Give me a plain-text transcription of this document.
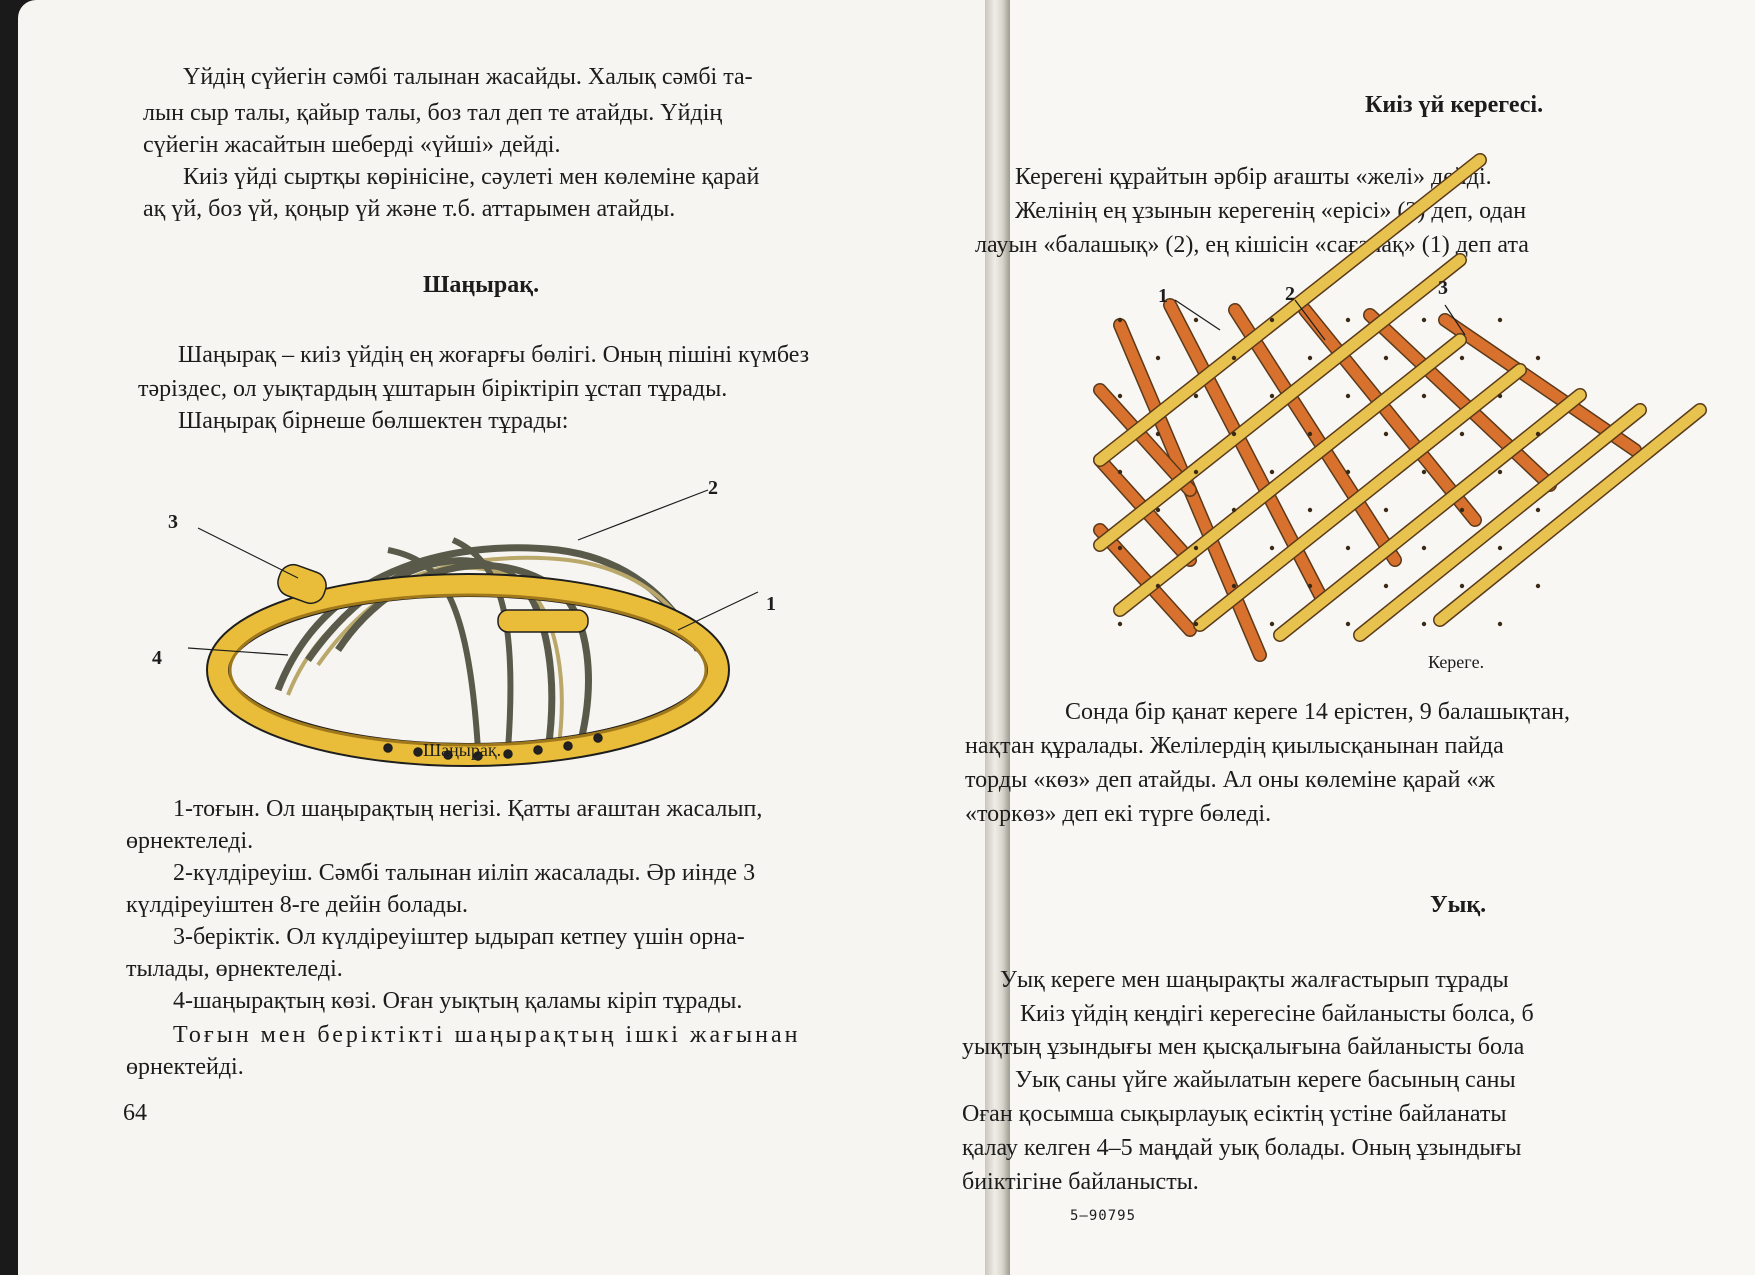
Үйдің сүйегін сәмбі талынан жасайды. Халық сәмбі та-

лын сыр талы, қайыр талы, боз тал деп те атайды. Үйдің

сүйегін жасайтын шеберді «үйші» дейді.

Киіз үйді сыртқы көрінісіне, сәулеті мен көлеміне қарай

ақ үй, боз үй, қоңыр үй және т.б. аттарымен атайды.

Шаңырақ.

Шаңырақ – киіз үйдің ең жоғарғы бөлігі. Оның пішіні күмбез

тәріздес, ол уықтардың ұштарын біріктіріп ұстап тұрады.

Шаңырақ бірнеше бөлшектен тұрады:

3
2
1
4
Шаңырақ.

1-тоғын. Ол шаңырақтың негізі. Қатты ағаштан жасалып,

өрнектеледі.

2-күлдіреуіш. Сәмбі талынан иіліп жасалады. Әр иінде 3

күлдіреуіштен 8-ге дейін болады.

3-беріктік. Ол күлдіреуіштер ыдырап кетпеу үшін орна-

тылады, өрнектеледі.

4-шаңырақтың көзі. Оған уықтың қаламы кіріп тұрады.

Тоғын мен беріктікті шаңырақтың ішкі жағынан

өрнектейді.

64
Киіз үй керегесі.

Керегені құрайтын әрбір ағашты «желі» дейді.

Желінің ең ұзынын керегенің «ерісі» (3) деп, одан

лауын «балашық» (2), ең кішісін «сағанақ» (1) деп ата

1	2	3
Керегe.

Сонда бір қанат кереге 14 ерістен, 9 балашықтан,

нақтан құралады. Желілердің қиылысқанынан пайда

торды «көз» деп атайды. Ал оны көлеміне қарай «ж

«торкөз» деп екі түрге бөледі.

Уық.

Уық кереге мен шаңырақты жалғастырып тұрады

Киіз үйдің кеңдігі керегесіне байланысты болса, б

уықтың ұзындығы мен қысқалығына байланысты бола

Уық саны үйге жайылатын кереге басының саны

Оған қосымша сықырлауық есіктің үстіне байланаты

қалау келген 4–5 маңдай уық болады. Оның ұзындығы

биіктігіне байланысты.

5—90795
